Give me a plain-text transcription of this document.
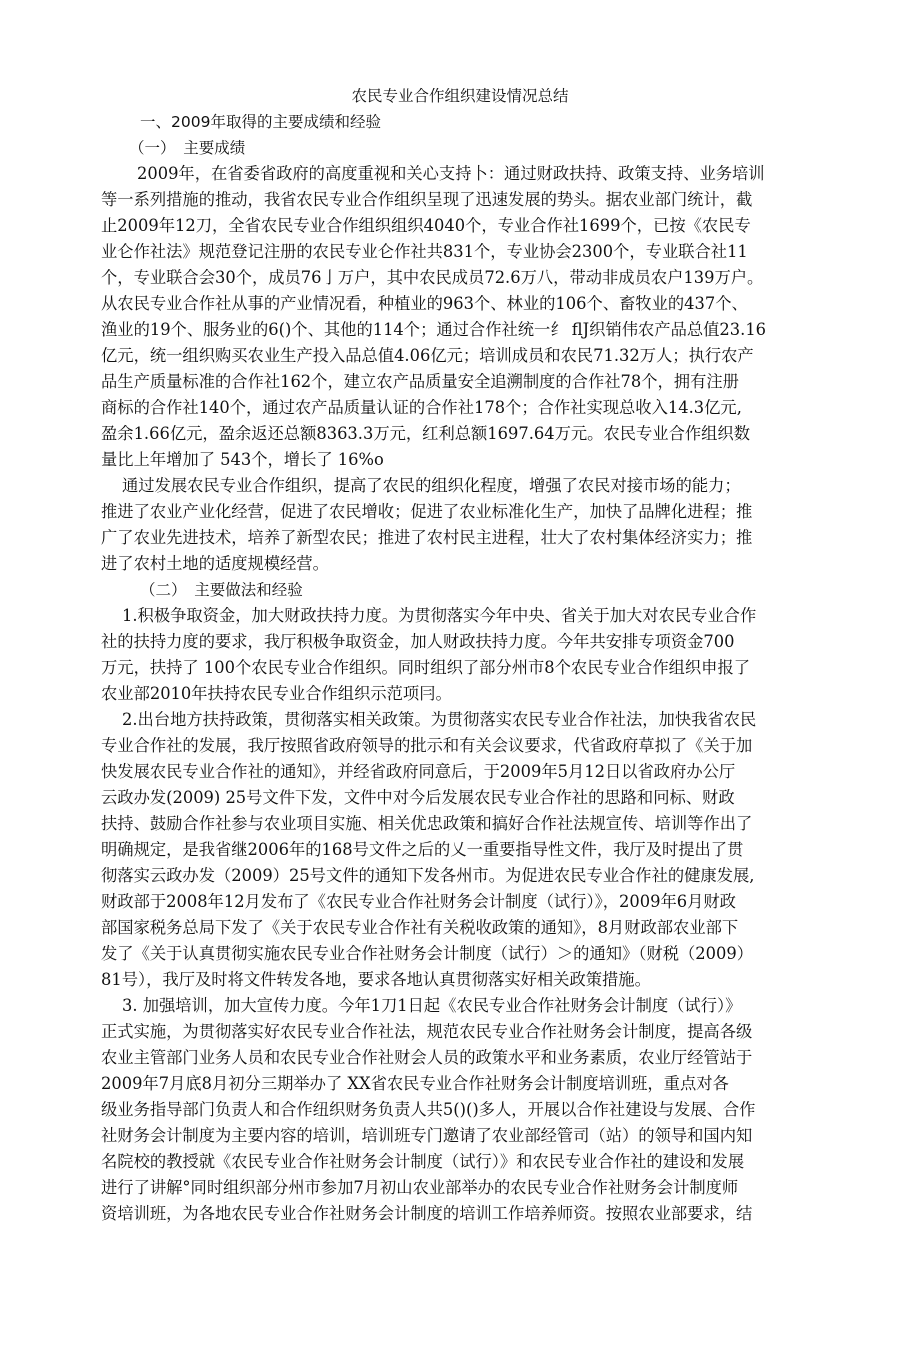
农民专业合作组织建设情况总结
一、2009年取得的主要成绩和经验
（一）　主要成绩
2009年，在省委省政府的高度重视和关心支持卜：通过财政扶持、政策支持、业务培训
等一系列措施的推动，我省农民专业合作组织呈现了迅速发展的势头。据农业部门统计，截
止2009年12刀，全省农民专业合作组织组织4040个，专业合作社1699个，已按《农民专
业仑作社法》规范登记注册的农民专业仑作社共831个，专业协会2300个，专业联合社11
个，专业联合会30个，成员76亅万户，其中农民成员72.6万八，带动非成员农户139万户。
从农民专业合作社从事的产业情况看，种植业的963个、林业的106个、畜牧业的437个、
渔业的19个、服务业的6()个、其他的114个；通过合作社统一纟 flJ织销伟农产品总值23.16
亿元，统一组织购买农业生产投入品总值4.06亿元；培训成员和农民71.32万人；执行农产
品生产质量标准的合作社162个，建立农产品质量安全追溯制度的合作社78个，拥有注册
商标的合作社140个，通过农产品质量认证的合作社178个；合作社实现总收入14.3亿元,
盈余1.66亿元，盈余返还总额8363.3万元，红利总额1697.64万元。农民专业合作组织数
量比上年增加了 543个，增长了 16%o
通过发展农民专业合作组织，提高了农民的组织化程度，增强了农民对接市场的能力；
推进了农业产业化经营，促进了农民增收；促进了农业标准化生产，加快了品牌化进程；推
广了农业先进技术，培养了新型农民；推进了农村民主进程，壮大了农村集体经济实力；推
进了农村土地的适度规模经营。
（二）　主要做法和经验
1.积极争取资金，加大财政扶持力度。为贯彻落实今年中央、省关于加大对农民专业合作
社的扶持力度的要求，我厅积极争取资金，加人财政扶持力度。今年共安排专项资金700
万元，扶持了 100个农民专业合作组织。同时组织了部分州市8个农民专业合作组织申报了
农业部2010年扶持农民专业合作组织示范项冃。
2.出台地方扶持政策，贯彻落实相关政策。为贯彻落实农民专业合作社法，加快我省农民
专业合作社的发展，我厅按照省政府领导的批示和有关会议要求，代省政府草拟了《关于加
快发展农民专业合作社的通知》，并经省政府同意后，于2009年5月12日以省政府办公厅
云政办发(2009) 25号文件下发，文件中对今后发展农民专业合作社的思路和冋标、财政
扶持、鼓励合作社参与农业项目实施、相关优忠政策和搞好合作社法规宣传、培训等作出了
明确规定，是我省继2006年的168号文件之后的乂一重要指导性文件，我厅及时提出了贯
彻落实云政办发（2009）25号文件的通知下发各州市。为促进农民专业合作社的健康发展,
财政部于2008年12月发布了《农民专业合作社财务会计制度（试行）》，2009年6月财政
部国家税务总局下发了《关于农民专业合作社有关税收政策的通知》，8月财政部农业部下
发了《关于认真贯彻实施农民专业合作社财务会计制度（试行）＞的通知》（财税（2009）
81号），我厅及时将文件转发各地，要求各地认真贯彻落实好相关政策措施。
3. 加强培训，加大宣传力度。今年1刀1日起《农民专业合作社财务会计制度（试行）》
正式实施，为贯彻落实好农民专业合作社法，规范农民专业合作社财务会计制度，提高各级
农业主管部门业务人员和农民专业合作社财会人员的政策水平和业务素质，农业厅经管站于
2009年7月底8月初分三期举办了 XX省农民专业合作社财务会计制度培训班，重点对各
级业务指导部门负责人和合作纽织财务负责人共5()()多人，开展以合作社建设与发展、合作
社财务会计制度为主要内容的培训，培训班专门邀请了农业部经管司（站）的领导和国内知
名院校的教授就《农民专业合作社财务会计制度（试行）》和农民专业合作社的建设和发展
进行了讲解°同时组织部分州市参加7月初山农业部举办的农民专业合作社财务会计制度师
资培训班，为各地农民专业合作社财务会计制度的培训工作培养师资。按照农业部要求，结
